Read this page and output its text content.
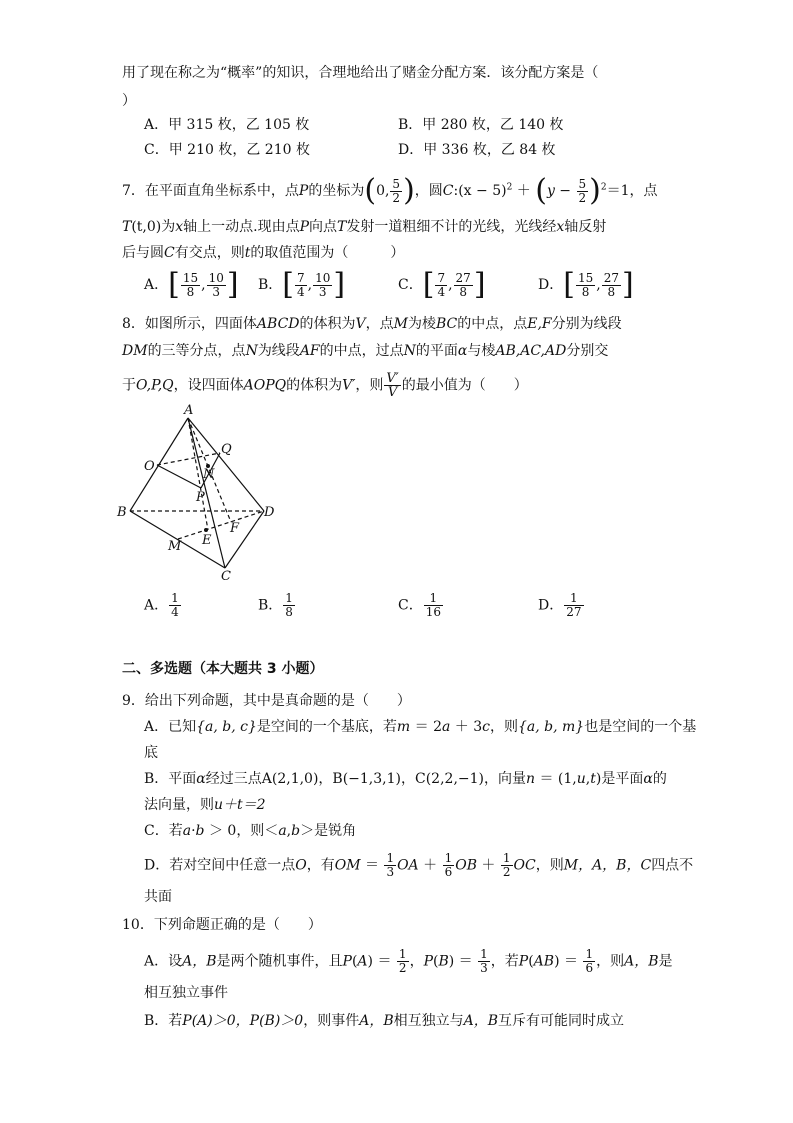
用了现在称之为“概率”的知识，合理地给出了赌金分配方案．该分配方案是（
）
A．甲 315 枚，乙 105 枚	B．甲 280 枚，乙 140 枚
C．甲 210 枚，乙 210 枚	D．甲 336 枚，乙 84 枚
7．在平面直角坐标系中，点P的坐标为(0, $\frac{5}{2}$ )，圆C:(x − $5)^2 + (y - \frac{5}{2} )^2=1$，点
T(t,0)为x轴上一动点.现由点P向点T发射一道粗细不计的光线，光线经x轴反射
后与圆C有交点，则t的取值范围为（　　　）
A．[ $\frac{15}{8}$ , $\frac{10}{3}$ ] B．[ $\frac{7}{4}$ , $\frac{10}{3}$ ]	C．[ $\frac{7}{4}$ , $\frac{27}{8}$ ]	D．[ $\frac{15}{8}$ , $\frac{27}{8}$ ]
8．如图所示，四面体ABCD的体积为V，点M为棱BC的中点，点E,F分别为线段
DM的三等分点，点N为线段AF的中点，过点N的平面α与棱AB,AC,AD分别交
于O,P,Q，设四面体AOPQ的体积为V′，则 $\frac{V'}{V}$ 的最小值为（　　）
A
Q
O
N
P
B	D
F
E
M
C
A． $\frac{1}{4}$	B． $\frac{1}{8}$	C． $\frac{1}{16}$	D． $\frac{1}{27}$
二、多选题（本大题共 3 小题）
9．给出下列命题，其中是真命题的是（　　）
A．已知{a, b, c}是空间的一个基底，若m ＝ 2a ＋ 3c，则{a, b, m}也是空间的一个基
底
B．平面α经过三点A(2,1,0)，B(−1,3,1)，C(2,2,−1)，向量n ＝ (1,u,t)是平面α的
法向量，则u＋t＝2
C．若a·b ＞ 0，则＜a,b＞是锐角
D．若对空间中任意一点O，有OM ＝ $\frac{1}{3}$ OA ＋ $\frac{1}{6}$ OB ＋ $\frac{1}{2}$ OC，则M，A，B，C四点不
共面
10．下列命题正确的是（　　）
A．设A，B是两个随机事件，且$P(A) = \frac{1}{2}$ ，$P(B) = \frac{1}{3}$ ，若$P(AB) = \frac{1}{6}$ ，则A，B是
相互独立事件
B．若P(A)＞0，P(B)＞0，则事件A，B相互独立与A，B互斥有可能同时成立
